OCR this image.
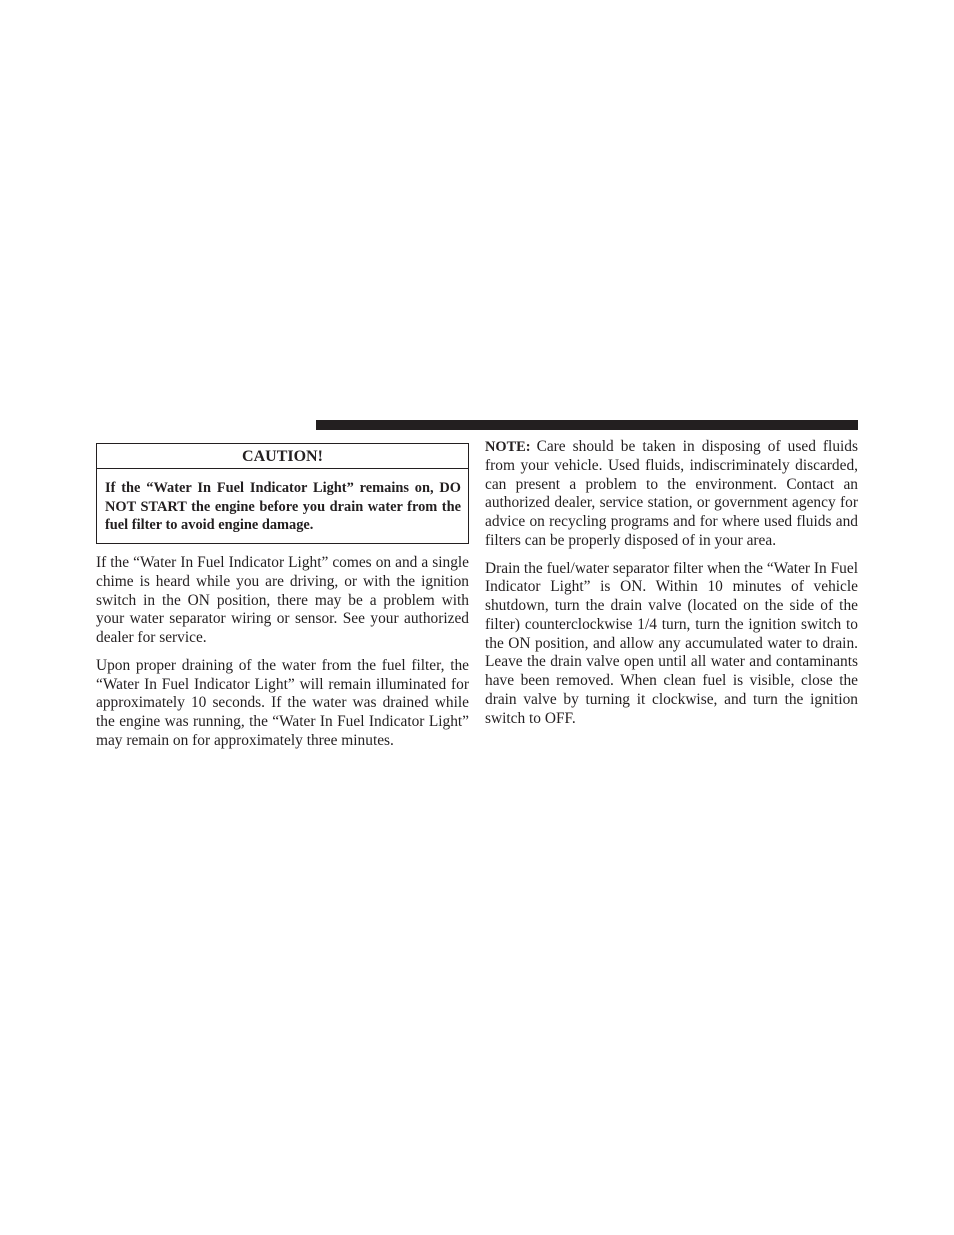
CAUTION!
If the “Water In Fuel Indicator Light” remains on, DO NOT START the engine before you drain water from the fuel filter to avoid engine damage.

If the “Water In Fuel Indicator Light” comes on and a single chime is heard while you are driving, or with the ignition switch in the ON position, there may be a problem with your water separator wiring or sensor. See your authorized dealer for service.

Upon proper draining of the water from the fuel filter, the “Water In Fuel Indicator Light” will remain illuminated for approximately 10 seconds. If the water was drained while the engine was running, the “Water In Fuel Indicator Light” may remain on for approximately three minutes.

NOTE: Care should be taken in disposing of used fluids from your vehicle. Used fluids, indiscriminately discarded, can present a problem to the environment. Contact an authorized dealer, service station, or government agency for advice on recycling programs and for where used fluids and filters can be properly disposed of in your area.

Drain the fuel/water separator filter when the “Water In Fuel Indicator Light” is ON. Within 10 minutes of vehicle shutdown, turn the drain valve (located on the side of the filter) counterclockwise 1/4 turn, turn the ignition switch to the ON position, and allow any accumulated water to drain. Leave the drain valve open until all water and contaminants have been removed. When clean fuel is visible, close the drain valve by turning it clockwise, and turn the ignition switch to OFF.
